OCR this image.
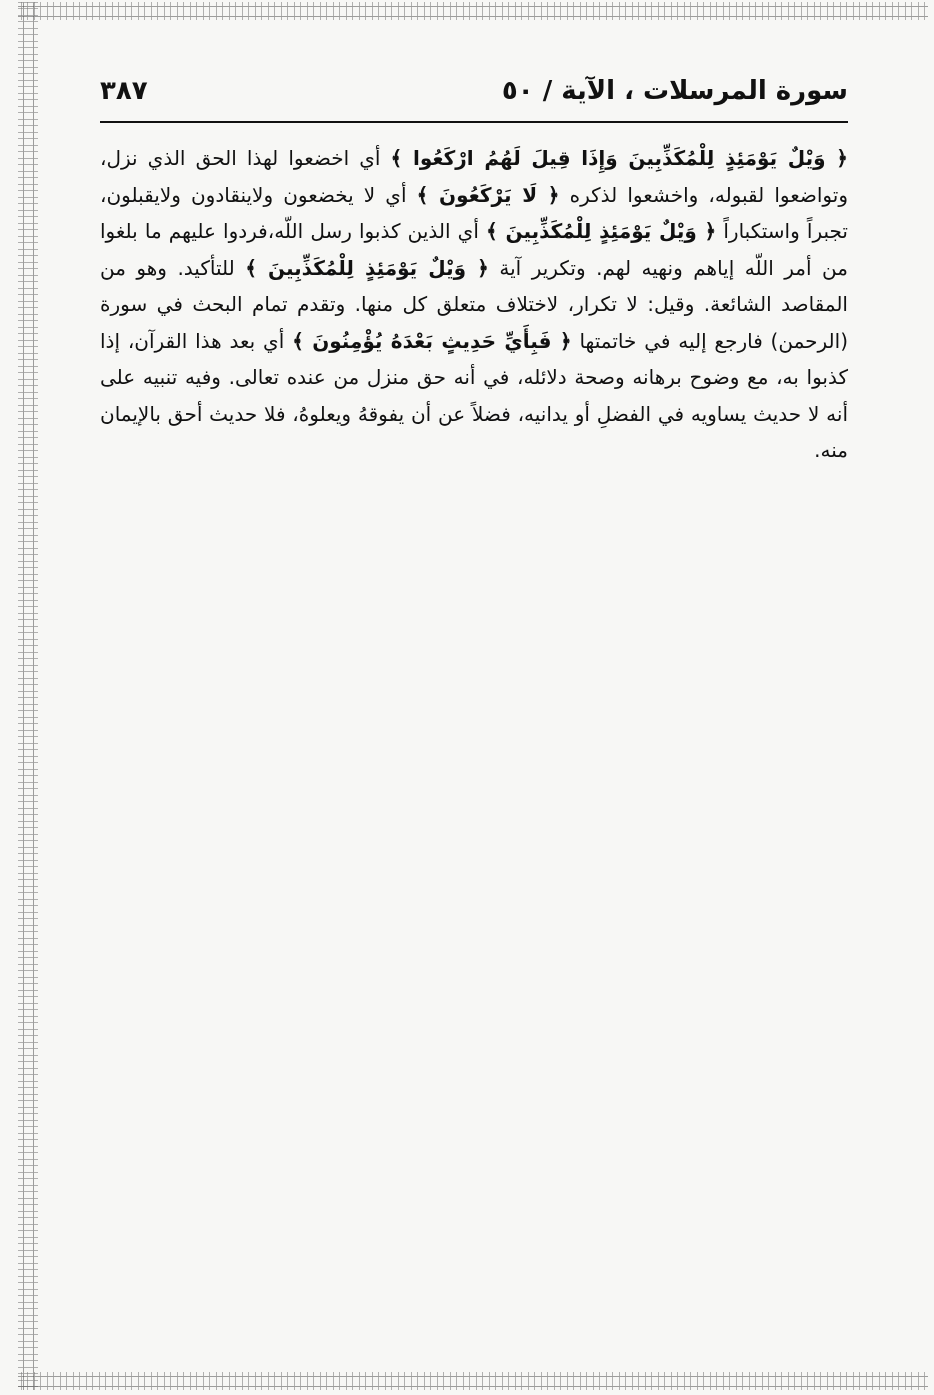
٣٨٧	سورة المرسلات ، الآية / ٥٠

﴿ وَيْلٌ يَوْمَئِذٍ لِلْمُكَذِّبِينَ وَإِذَا قِيلَ لَهُمُ ارْكَعُوا ﴾ أي اخضعوا لهذا الحق الذي نزل، وتواضعوا لقبوله، واخشعوا لذكره ﴿ لَا يَرْكَعُونَ ﴾ أي لا يخضعون ولاينقادون ولايقبلون، تجبراً واستكباراً ﴿ وَيْلٌ يَوْمَئِذٍ لِلْمُكَذِّبِينَ ﴾ أي الذين كذبوا رسل اللّه،فردوا عليهم ما بلغوا من أمر اللّه إياهم ونهيه لهم. وتكرير آية ﴿ وَيْلٌ يَوْمَئِذٍ لِلْمُكَذِّبِينَ ﴾ للتأكيد. وهو من المقاصد الشائعة. وقيل: لا تكرار، لاختلاف متعلق كل منها. وتقدم تمام البحث في سورة (الرحمن) فارجع إليه في خاتمتها ﴿ فَبِأَيِّ حَدِيثٍ بَعْدَهُ يُؤْمِنُونَ ﴾ أي بعد هذا القرآن، إذا كذبوا به، مع وضوح برهانه وصحة دلائله، في أنه حق منزل من عنده تعالى. وفيه تنبيه على أنه لا حديث يساويه في الفضلِ أو يدانيه، فضلاً عن أن يفوقهُ ويعلوهُ، فلا حديث أحق بالإيمان منه.
